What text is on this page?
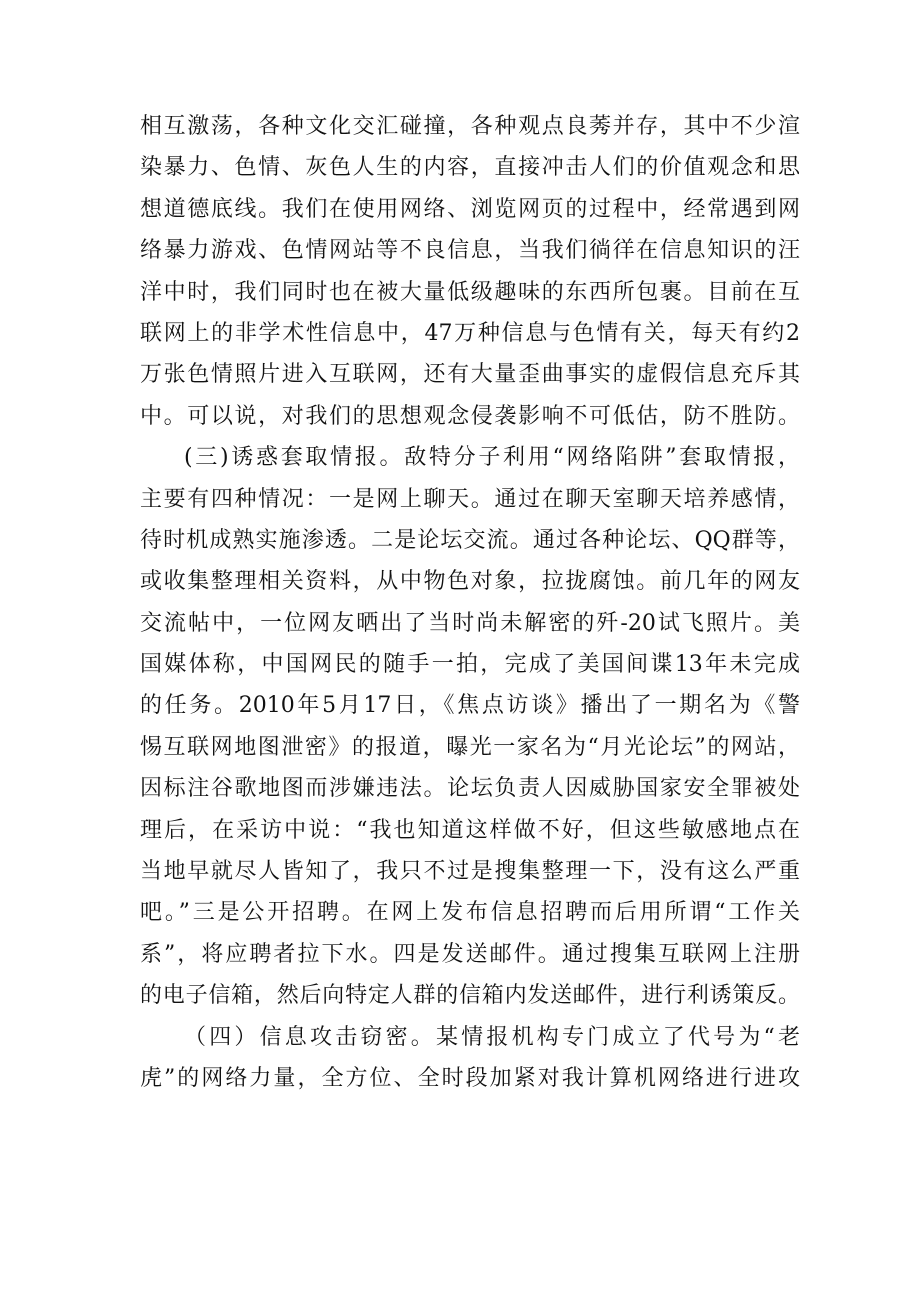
相互激荡，各种文化交汇碰撞，各种观点良莠并存，其中不少渲
染暴力、色情、灰色人生的内容，直接冲击人们的价值观念和思
想道德底线。我们在使用网络、浏览网页的过程中，经常遇到网
络暴力游戏、色情网站等不良信息，当我们徜徉在信息知识的汪
洋中时，我们同时也在被大量低级趣味的东西所包裹。目前在互
联网上的非学术性信息中，47万种信息与色情有关，每天有约2
万张色情照片进入互联网，还有大量歪曲事实的虚假信息充斥其
中。可以说，对我们的思想观念侵袭影响不可低估，防不胜防。
(三)诱惑套取情报。敌特分子利用“网络陷阱”套取情报，
主要有四种情况：一是网上聊天。通过在聊天室聊天培养感情，
待时机成熟实施渗透。二是论坛交流。通过各种论坛、QQ群等，
或收集整理相关资料，从中物色对象，拉拢腐蚀。前几年的网友
交流帖中，一位网友晒出了当时尚未解密的歼-20试飞照片。美
国媒体称，中国网民的随手一拍，完成了美国间谍13年未完成
的任务。2010年5月17日，《焦点访谈》播出了一期名为《警
惕互联网地图泄密》的报道，曝光一家名为“月光论坛”的网站，
因标注谷歌地图而涉嫌违法。论坛负责人因威胁国家安全罪被处
理后，在采访中说：“我也知道这样做不好，但这些敏感地点在
当地早就尽人皆知了，我只不过是搜集整理一下，没有这么严重
吧。”三是公开招聘。在网上发布信息招聘而后用所谓“工作关
系”，将应聘者拉下水。四是发送邮件。通过搜集互联网上注册
的电子信箱，然后向特定人群的信箱内发送邮件，进行利诱策反。
（四）信息攻击窃密。某情报机构专门成立了代号为“老
虎”的网络力量，全方位、全时段加紧对我计算机网络进行进攻
